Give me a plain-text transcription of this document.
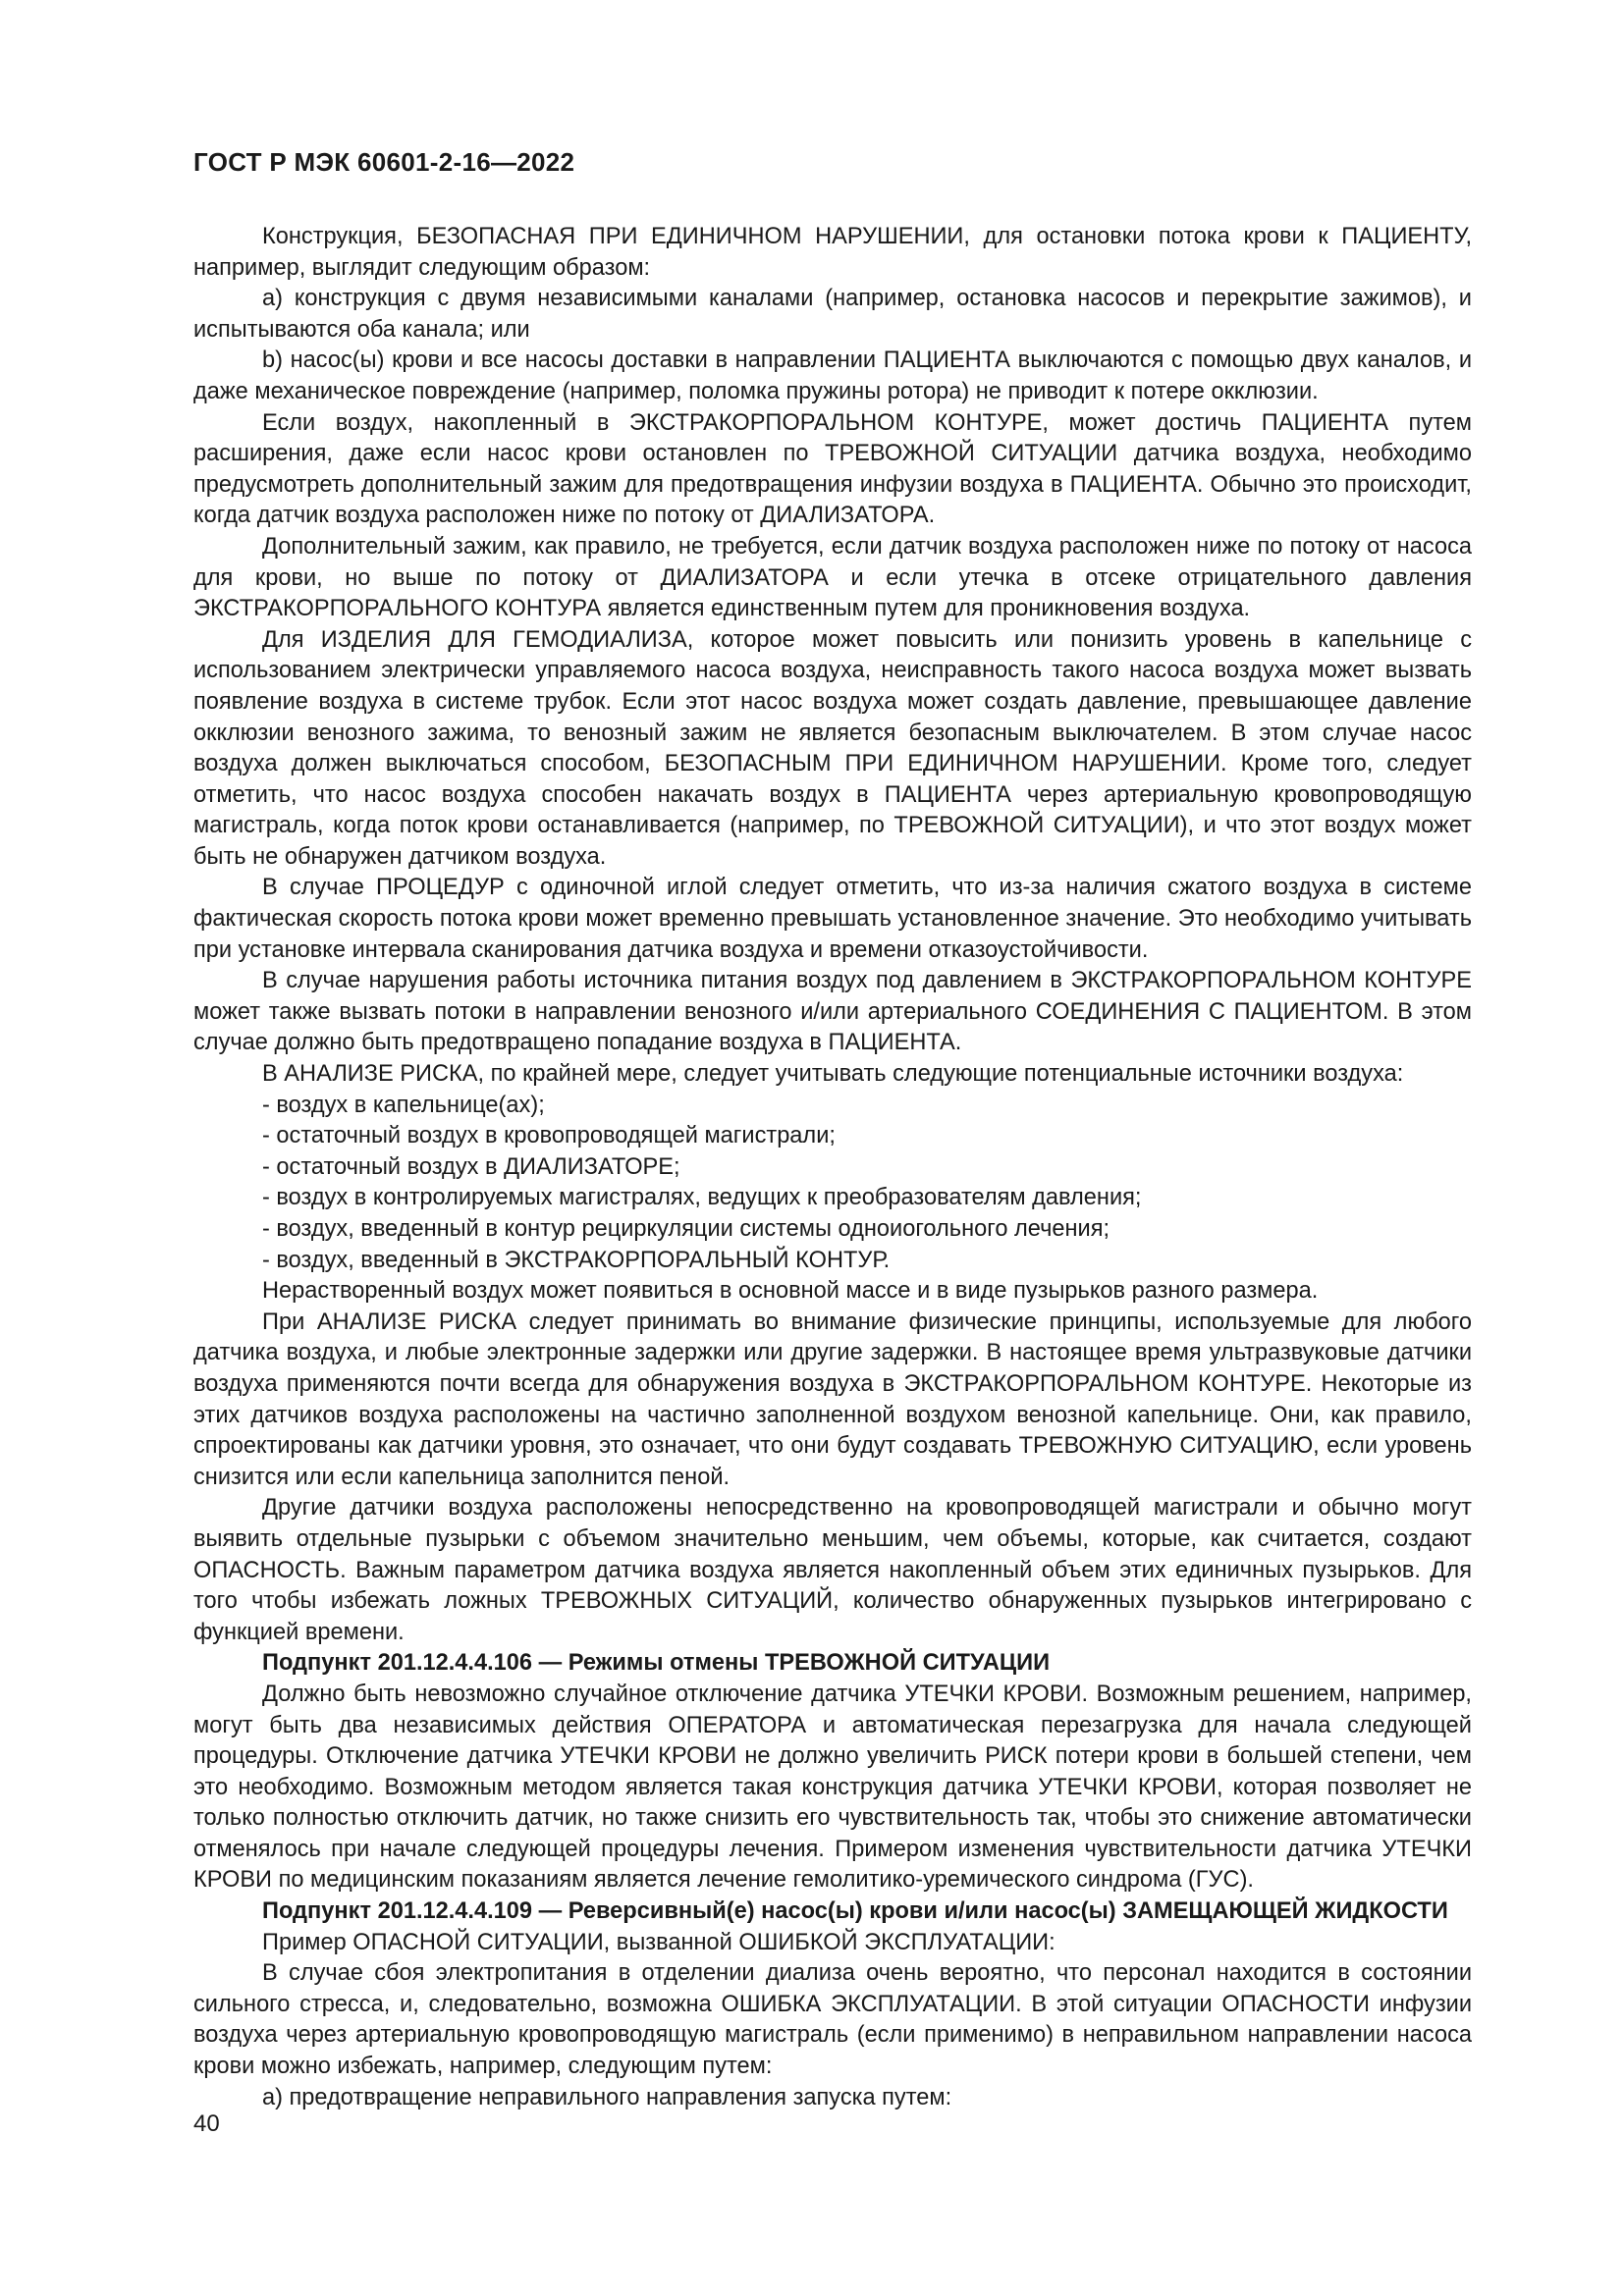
ГОСТ Р МЭК 60601-2-16—2022

Конструкция, БЕЗОПАСНАЯ ПРИ ЕДИНИЧНОМ НАРУШЕНИИ, для остановки потока крови к ПАЦИЕНТУ, например, выглядит следующим образом:

a) конструкция с двумя независимыми каналами (например, остановка насосов и перекрытие зажимов), и испытываются оба канала; или

b) насос(ы) крови и все насосы доставки в направлении ПАЦИЕНТА выключаются с помощью двух каналов, и даже механическое повреждение (например, поломка пружины ротора) не приводит к потере окклюзии.

Если воздух, накопленный в ЭКСТРАКОРПОРАЛЬНОМ КОНТУРЕ, может достичь ПАЦИЕНТА путем расширения, даже если насос крови остановлен по ТРЕВОЖНОЙ СИТУАЦИИ датчика воздуха, необходимо предусмотреть дополнительный зажим для предотвращения инфузии воздуха в ПАЦИЕНТА. Обычно это происходит, когда датчик воздуха расположен ниже по потоку от ДИАЛИЗАТОРА.

Дополнительный зажим, как правило, не требуется, если датчик воздуха расположен ниже по потоку от насоса для крови, но выше по потоку от ДИАЛИЗАТОРА и если утечка в отсеке отрицательного давления ЭКСТРАКОРПОРАЛЬНОГО КОНТУРА является единственным путем для проникновения воздуха.

Для ИЗДЕЛИЯ ДЛЯ ГЕМОДИАЛИЗА, которое может повысить или понизить уровень в капельнице с использованием электрически управляемого насоса воздуха, неисправность такого насоса воздуха может вызвать появление воздуха в системе трубок. Если этот насос воздуха может создать давление, превышающее давление окклюзии венозного зажима, то венозный зажим не является безопасным выключателем. В этом случае насос воздуха должен выключаться способом, БЕЗОПАСНЫМ ПРИ ЕДИНИЧНОМ НАРУШЕНИИ. Кроме того, следует отметить, что насос воздуха способен накачать воздух в ПАЦИЕНТА через артериальную кровопроводящую магистраль, когда поток крови останавливается (например, по ТРЕВОЖНОЙ СИТУАЦИИ), и что этот воздух может быть не обнаружен датчиком воздуха.

В случае ПРОЦЕДУР с одиночной иглой следует отметить, что из-за наличия сжатого воздуха в системе фактическая скорость потока крови может временно превышать установленное значение. Это необходимо учитывать при установке интервала сканирования датчика воздуха и времени отказоустойчивости.

В случае нарушения работы источника питания воздух под давлением в ЭКСТРАКОРПОРАЛЬНОМ КОНТУРЕ может также вызвать потоки в направлении венозного и/или артериального СОЕДИНЕНИЯ С ПАЦИЕНТОМ. В этом случае должно быть предотвращено попадание воздуха в ПАЦИЕНТА.

В АНАЛИЗЕ РИСКА, по крайней мере, следует учитывать следующие потенциальные источники воздуха:

- воздух в капельнице(ах);

- остаточный воздух в кровопроводящей магистрали;

- остаточный воздух в ДИАЛИЗАТОРЕ;

- воздух в контролируемых магистралях, ведущих к преобразователям давления;

- воздух, введенный в контур рециркуляции системы одноиогольного лечения;

- воздух, введенный в ЭКСТРАКОРПОРАЛЬНЫЙ КОНТУР.

Нерастворенный воздух может появиться в основной массе и в виде пузырьков разного размера.

При АНАЛИЗЕ РИСКА следует принимать во внимание физические принципы, используемые для любого датчика воздуха, и любые электронные задержки или другие задержки. В настоящее время ультразвуковые датчики воздуха применяются почти всегда для обнаружения воздуха в ЭКСТРАКОРПОРАЛЬНОМ КОНТУРЕ. Некоторые из этих датчиков воздуха расположены на частично заполненной воздухом венозной капельнице. Они, как правило, спроектированы как датчики уровня, это означает, что они будут создавать ТРЕВОЖНУЮ СИТУАЦИЮ, если уровень снизится или если капельница заполнится пеной.

Другие датчики воздуха расположены непосредственно на кровопроводящей магистрали и обычно могут выявить отдельные пузырьки с объемом значительно меньшим, чем объемы, которые, как считается, создают ОПАСНОСТЬ. Важным параметром датчика воздуха является накопленный объем этих единичных пузырьков. Для того чтобы избежать ложных ТРЕВОЖНЫХ СИТУАЦИЙ, количество обнаруженных пузырьков интегрировано с функцией времени.

Подпункт 201.12.4.4.106 — Режимы отмены ТРЕВОЖНОЙ СИТУАЦИИ

Должно быть невозможно случайное отключение датчика УТЕЧКИ КРОВИ. Возможным решением, например, могут быть два независимых действия ОПЕРАТОРА и автоматическая перезагрузка для начала следующей процедуры. Отключение датчика УТЕЧКИ КРОВИ не должно увеличить РИСК потери крови в большей степени, чем это необходимо. Возможным методом является такая конструкция датчика УТЕЧКИ КРОВИ, которая позволяет не только полностью отключить датчик, но также снизить его чувствительность так, чтобы это снижение автоматически отменялось при начале следующей процедуры лечения. Примером изменения чувствительности датчика УТЕЧКИ КРОВИ по медицинским показаниям является лечение гемолитико-уремического синдрома (ГУС).

Подпункт 201.12.4.4.109 — Реверсивный(е) насос(ы) крови и/или насос(ы) ЗАМЕЩАЮЩЕЙ ЖИДКОСТИ

Пример ОПАСНОЙ СИТУАЦИИ, вызванной ОШИБКОЙ ЭКСПЛУАТАЦИИ:

В случае сбоя электропитания в отделении диализа очень вероятно, что персонал находится в состоянии сильного стресса, и, следовательно, возможна ОШИБКА ЭКСПЛУАТАЦИИ. В этой ситуации ОПАСНОСТИ инфузии воздуха через артериальную кровопроводящую магистраль (если применимо) в неправильном направлении насоса крови можно избежать, например, следующим путем:

a) предотвращение неправильного направления запуска путем:

40
